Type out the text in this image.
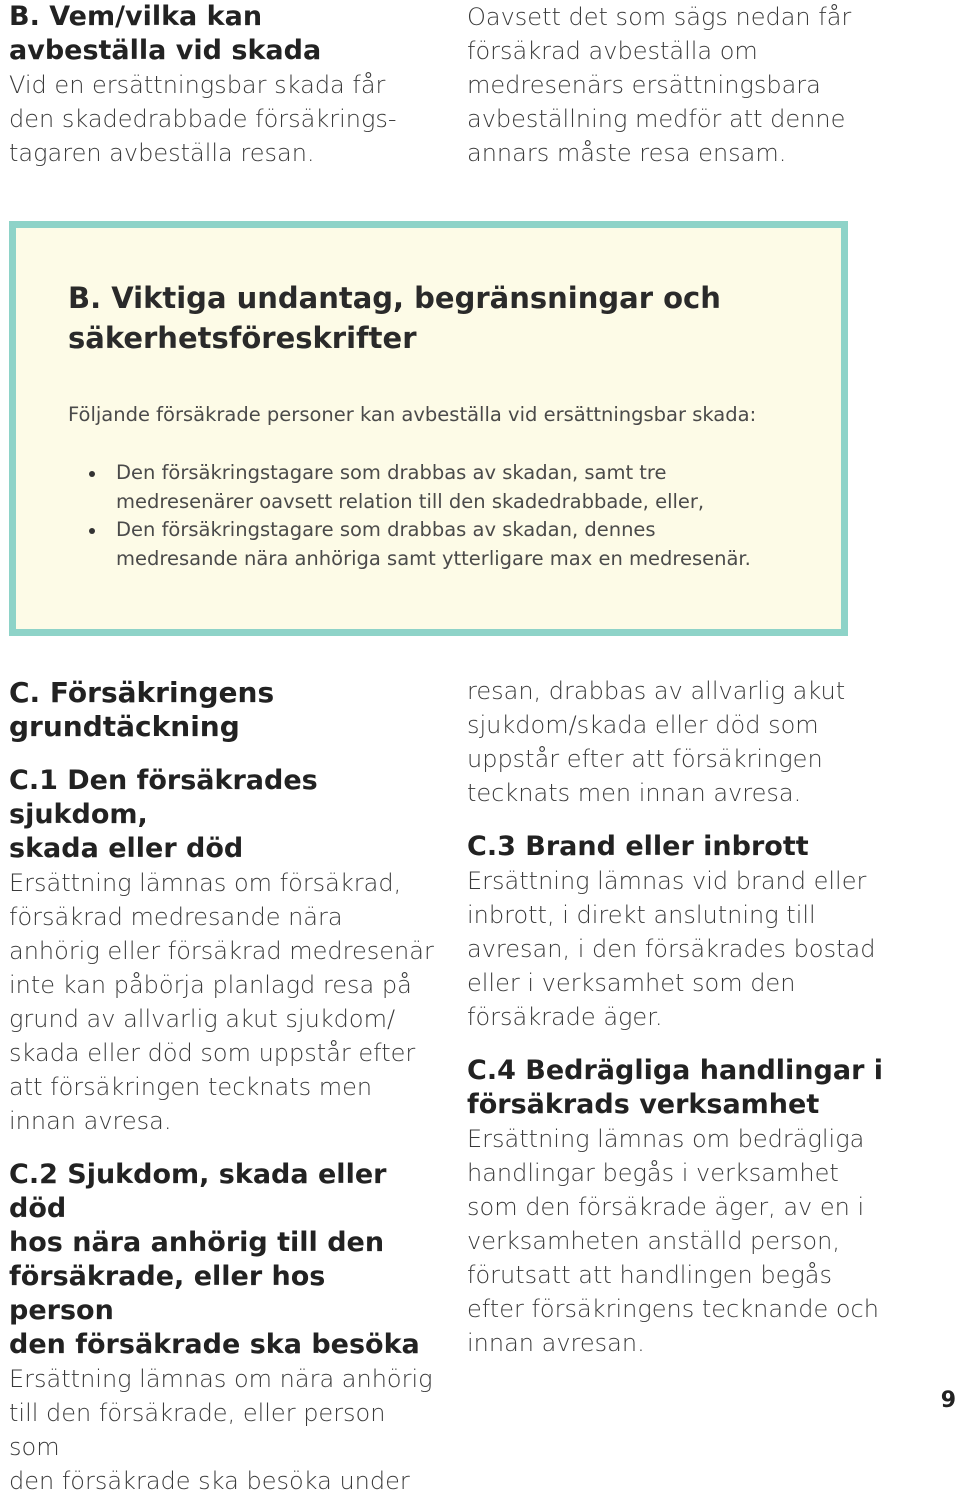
B. Vem/vilka kan
avbeställa vid skada

Vid en ersättningsbar skada får
den skadedrabbade försäkrings-
tagaren avbeställa resan.

Oavsett det som sägs nedan får
försäkrad avbeställa om
medresenärs ersättningsbara
avbeställning medför att denne
annars måste resa ensam.

B. Viktiga undantag, begränsningar och
säkerhetsföreskrifter

Följande försäkrade personer kan avbeställa vid ersättningsbar skada:

Den försäkringstagare som drabbas av skadan, samt tre
medresenärer oavsett relation till den skadedrabbade, eller,
Den försäkringstagare som drabbas av skadan, dennes
medresande nära anhöriga samt ytterligare max en medresenär.

C. Försäkringens
grundtäckning

C.1 Den försäkrades sjukdom,
skada eller död

Ersättning lämnas om försäkrad,
försäkrad medresande nära
anhörig eller försäkrad medresenär
inte kan påbörja planlagd resa på
grund av allvarlig akut sjukdom/
skada eller död som uppstår efter
att försäkringen tecknats men
innan avresa.

C.2 Sjukdom, skada eller död
hos nära anhörig till den
försäkrade, eller hos person
den försäkrade ska besöka

Ersättning lämnas om nära anhörig
till den försäkrade, eller person som
den försäkrade ska besöka under

resan, drabbas av allvarlig akut
sjukdom/skada eller död som
uppstår efter att försäkringen
tecknats men innan avresa.

C.3 Brand eller inbrott

Ersättning lämnas vid brand eller
inbrott, i direkt anslutning till
avresan, i den försäkrades bostad
eller i verksamhet som den
försäkrade äger.

C.4 Bedrägliga handlingar i
försäkrads verksamhet

Ersättning lämnas om bedrägliga
handlingar begås i verksamhet
som den försäkrade äger, av en i
verksamheten anställd person,
förutsatt att handlingen begås
efter försäkringens tecknande och
innan avresan.

9
